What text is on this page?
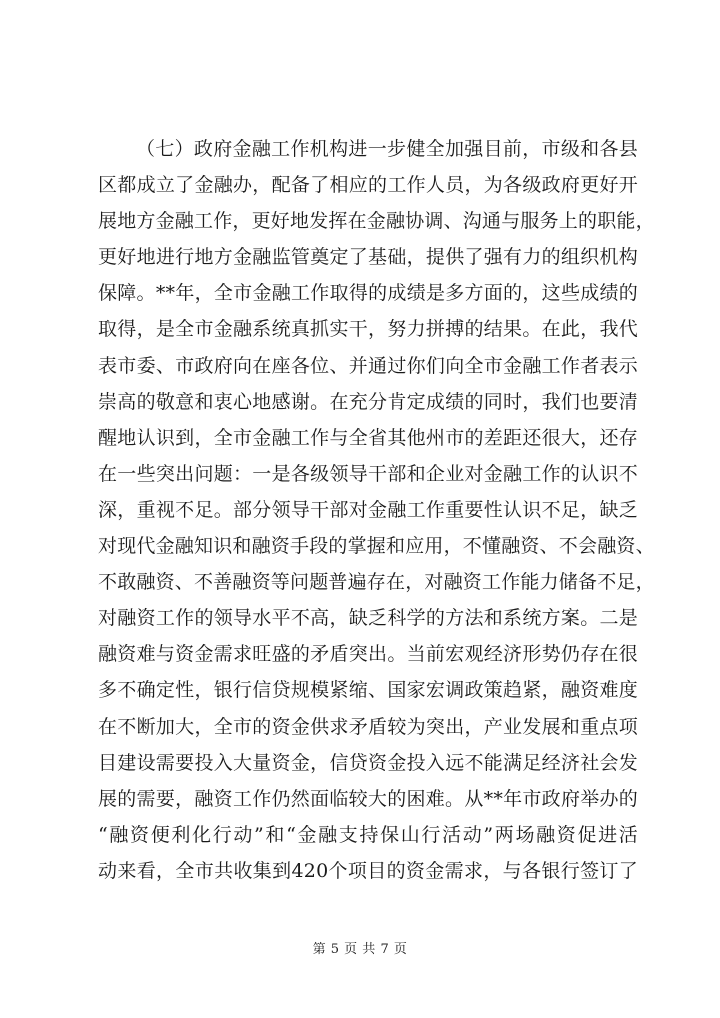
（七）政府金融工作机构进一步健全加强目前，市级和各县
区都成立了金融办，配备了相应的工作人员，为各级政府更好开
展地方金融工作，更好地发挥在金融协调、沟通与服务上的职能，
更好地进行地方金融监管奠定了基础，提供了强有力的组织机构
保障。**年，全市金融工作取得的成绩是多方面的，这些成绩的
取得，是全市金融系统真抓实干，努力拼搏的结果。在此，我代
表市委、市政府向在座各位、并通过你们向全市金融工作者表示
崇高的敬意和衷心地感谢。在充分肯定成绩的同时，我们也要清
醒地认识到，全市金融工作与全省其他州市的差距还很大，还存
在一些突出问题：一是各级领导干部和企业对金融工作的认识不
深，重视不足。部分领导干部对金融工作重要性认识不足，缺乏
对现代金融知识和融资手段的掌握和应用，不懂融资、不会融资、
不敢融资、不善融资等问题普遍存在，对融资工作能力储备不足，
对融资工作的领导水平不高，缺乏科学的方法和系统方案。二是
融资难与资金需求旺盛的矛盾突出。当前宏观经济形势仍存在很
多不确定性，银行信贷规模紧缩、国家宏调政策趋紧，融资难度
在不断加大，全市的资金供求矛盾较为突出，产业发展和重点项
目建设需要投入大量资金，信贷资金投入远不能满足经济社会发
展的需要，融资工作仍然面临较大的困难。从**年市政府举办的
“融资便利化行动”和“金融支持保山行活动”两场融资促进活
动来看，全市共收集到420个项目的资金需求，与各银行签订了
第 5 页 共 7 页
